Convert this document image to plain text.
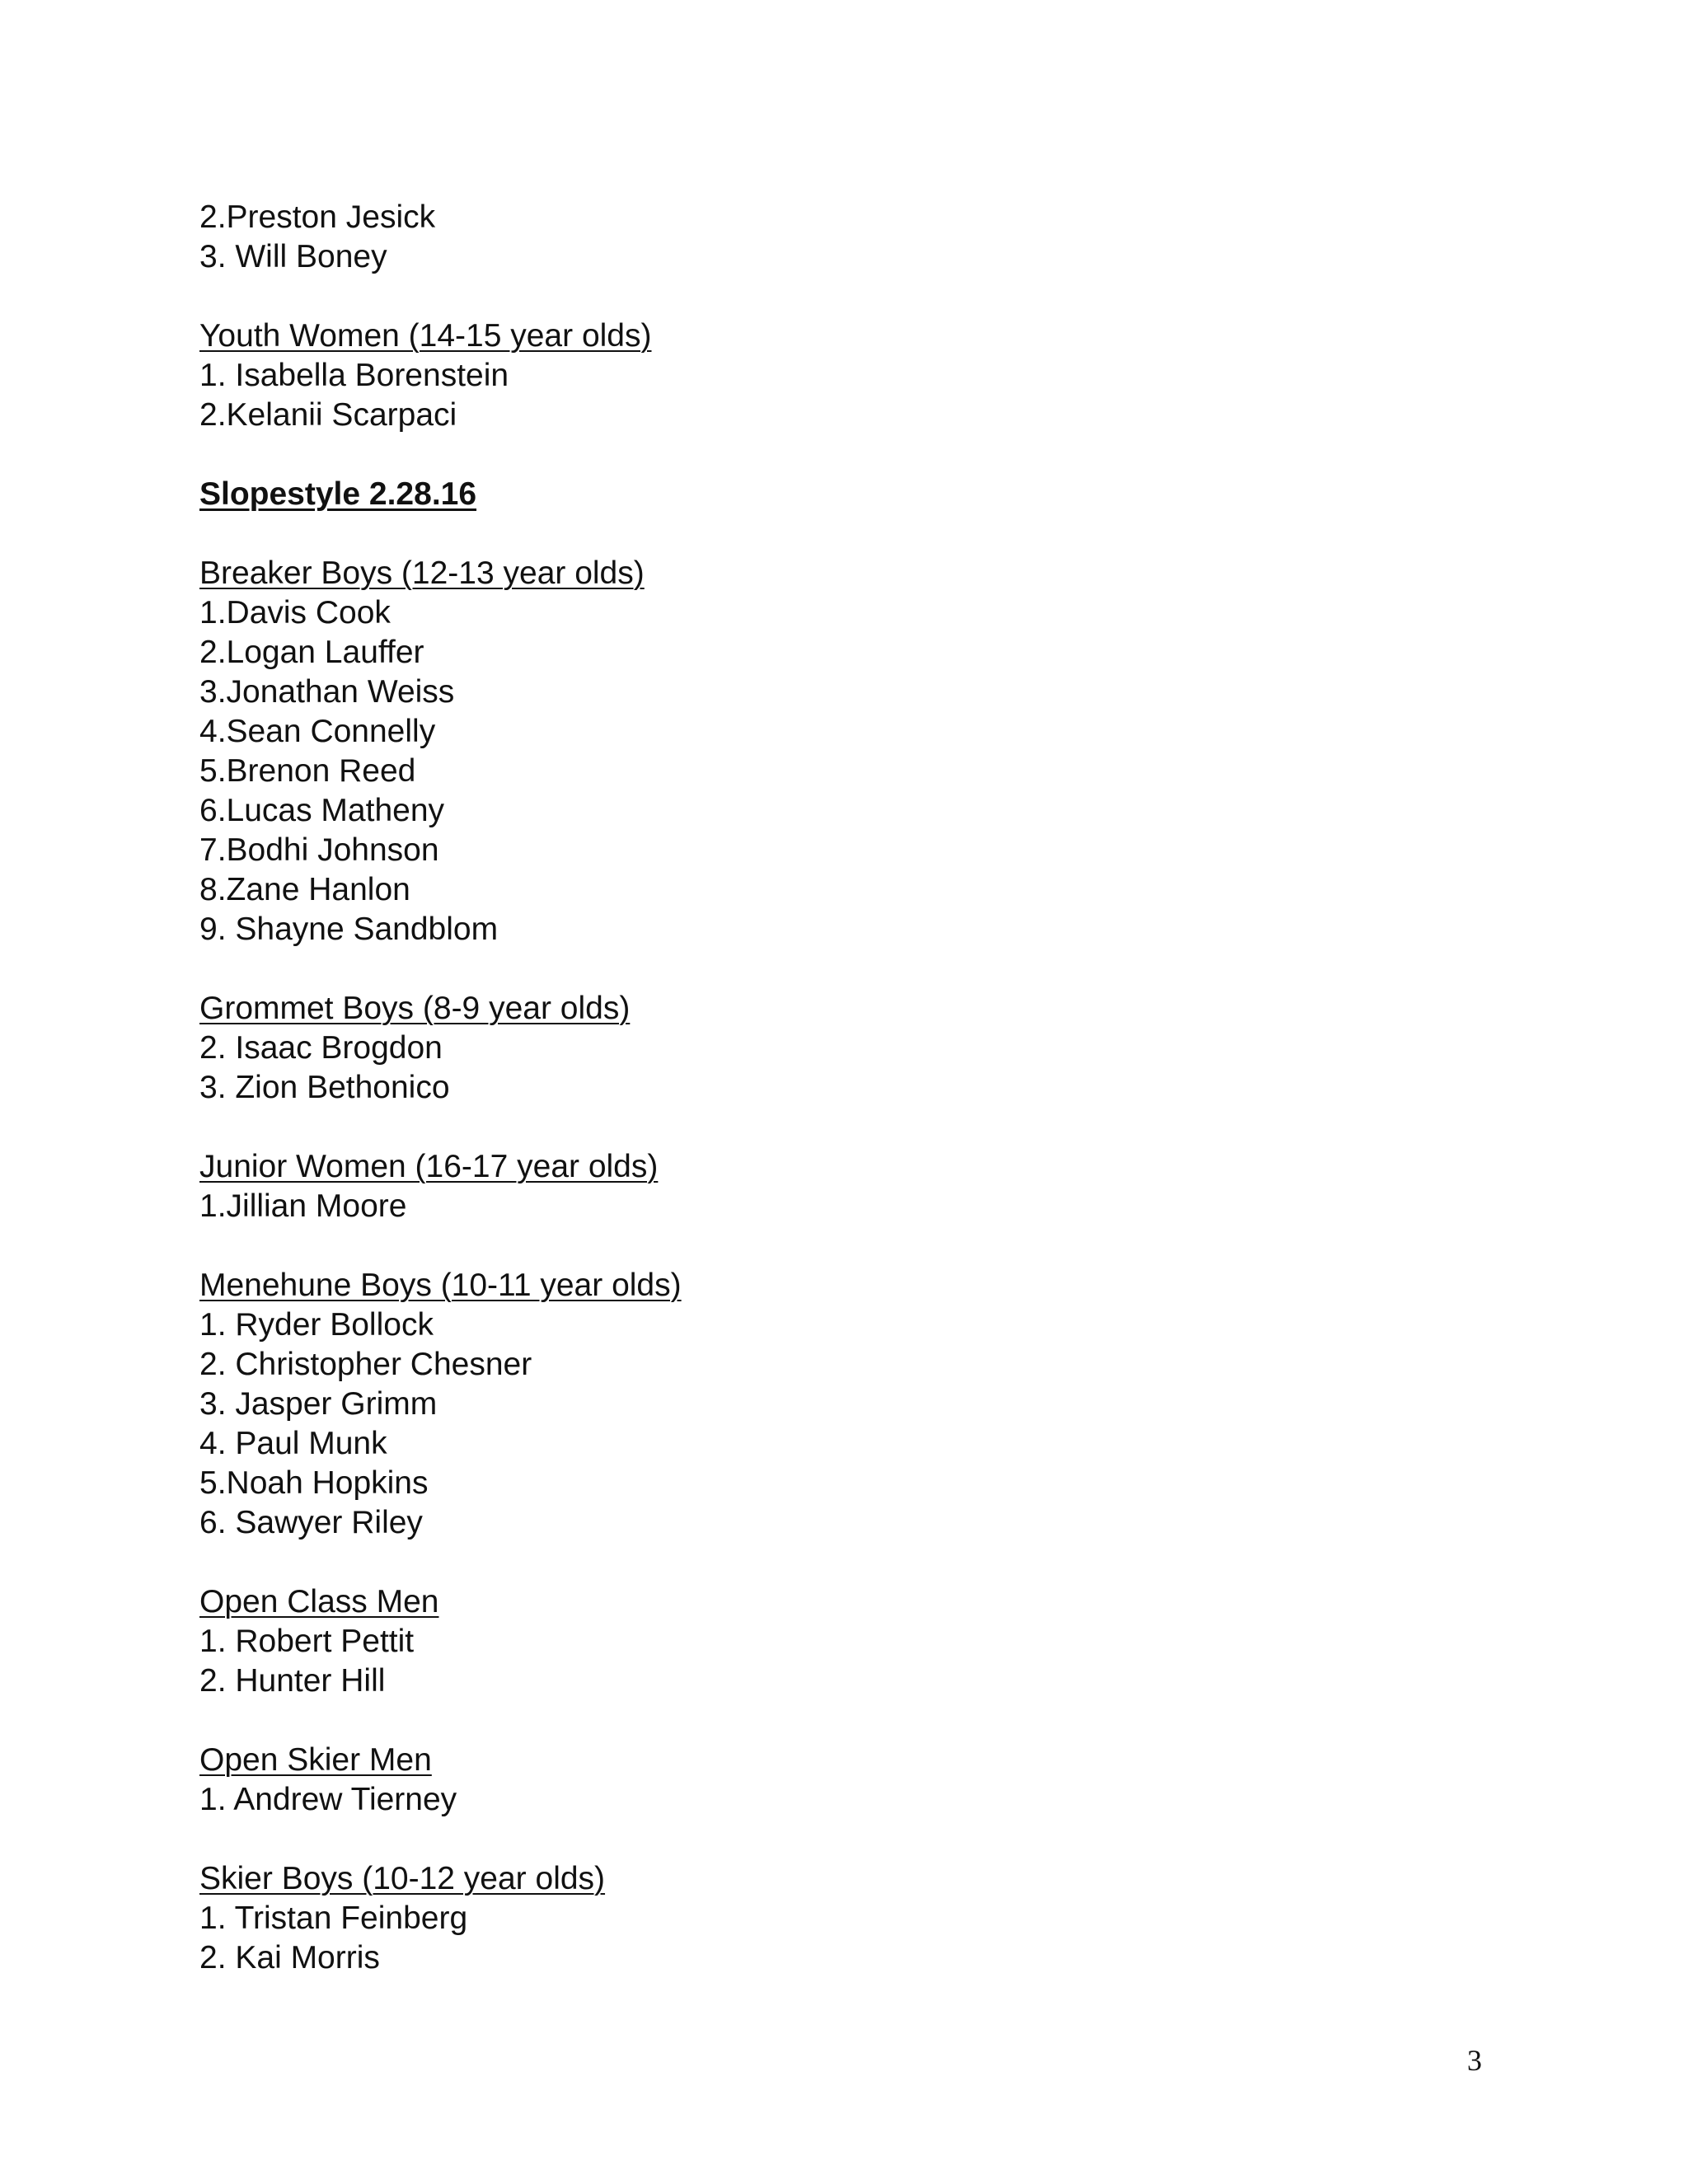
2.Preston Jesick
3. Will Boney
Youth Women (14-15 year olds)
1. Isabella Borenstein
2.Kelanii Scarpaci
Slopestyle 2.28.16
Breaker Boys (12-13 year olds)
1.Davis Cook
2.Logan Lauffer
3.Jonathan Weiss
4.Sean Connelly
5.Brenon Reed
6.Lucas Matheny
7.Bodhi Johnson
8.Zane Hanlon
9. Shayne Sandblom
Grommet Boys (8-9 year olds)
2. Isaac Brogdon
3. Zion Bethonico
Junior Women (16-17 year olds)
1.Jillian Moore
Menehune Boys (10-11 year olds)
1. Ryder Bollock
2. Christopher Chesner
3. Jasper Grimm
4. Paul Munk
5.Noah Hopkins
6. Sawyer Riley
Open Class Men
1. Robert Pettit
2. Hunter Hill
Open Skier Men
1. Andrew Tierney
Skier Boys (10-12 year olds)
1. Tristan Feinberg
2. Kai Morris
3
